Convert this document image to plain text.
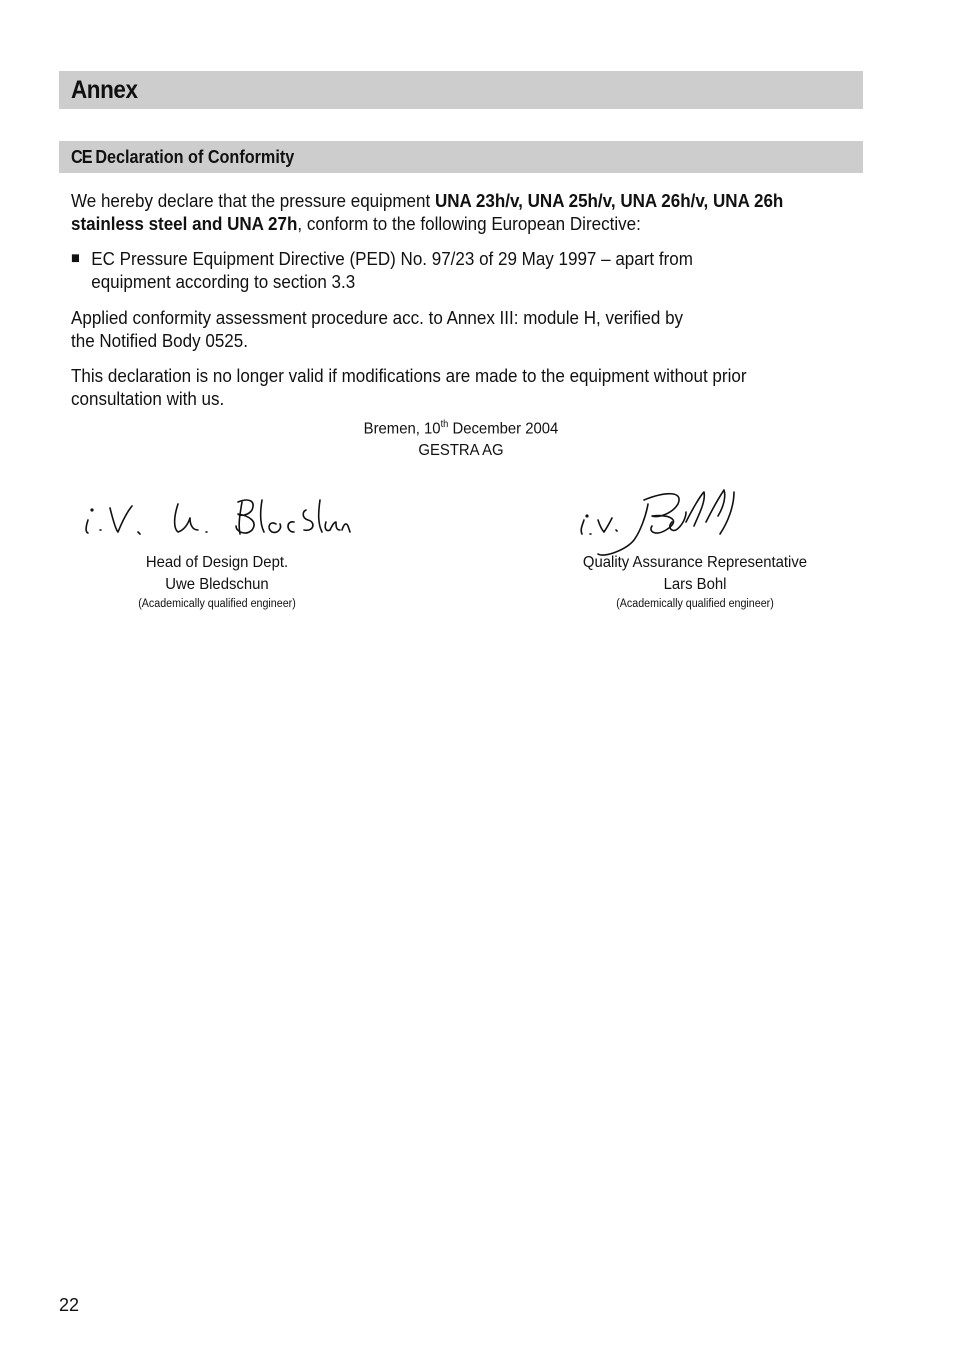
Annex
CE Declaration of Conformity

We hereby declare that the pressure equipment UNA 23h/v, UNA 25h/v, UNA 26h/v, UNA 26h stainless steel and UNA 27h, conform to the following European Directive:

■ EC Pressure Equipment Directive (PED) No. 97/23 of 29 May 1997 – apart from equipment according to section 3.3

Applied conformity assessment procedure acc. to Annex III: module H, verified by the Notified Body 0525.

This declaration is no longer valid if modifications are made to the equipment without prior consultation with us.

Bremen, 10th December 2004
GESTRA AG
Head of Design Dept.
Uwe Bledschun
(Academically qualified engineer)
Quality Assurance Representative
Lars Bohl
(Academically qualified engineer)
22
